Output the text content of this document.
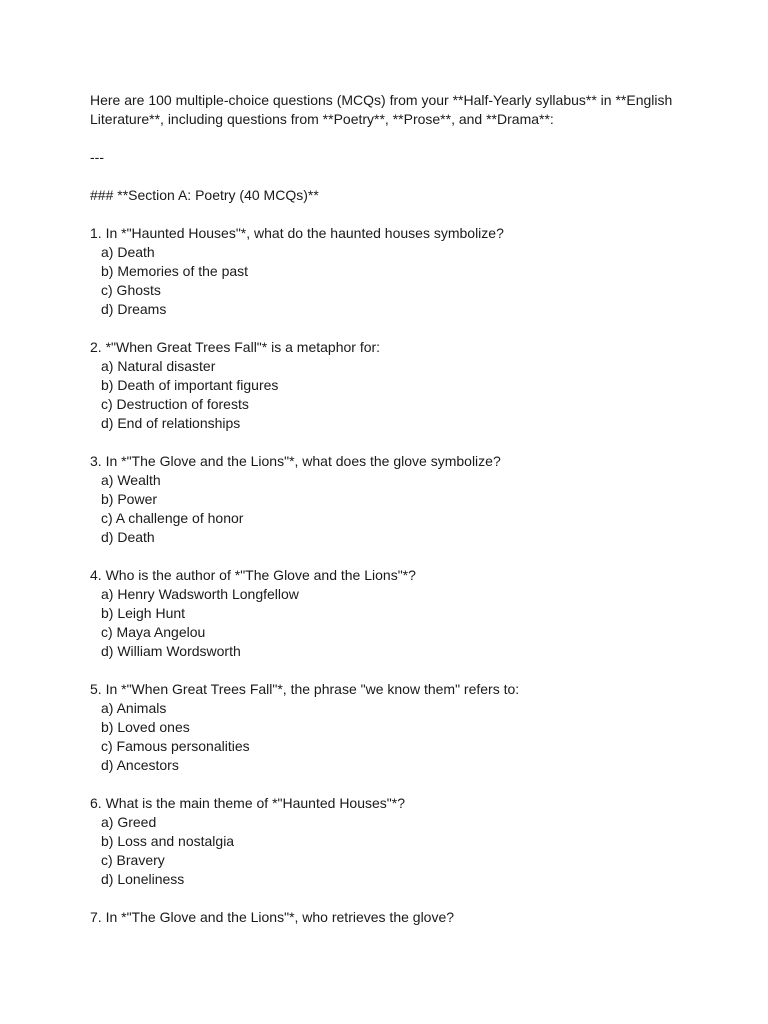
Here are 100 multiple-choice questions (MCQs) from your **Half-Yearly syllabus** in **English

Literature**, including questions from **Poetry**, **Prose**, and **Drama**:

---

### **Section A: Poetry (40 MCQs)**

1. In *"Haunted Houses"*, what do the haunted houses symbolize?

a) Death

b) Memories of the past

c) Ghosts

d) Dreams

2. *"When Great Trees Fall"* is a metaphor for:

a) Natural disaster

b) Death of important figures

c) Destruction of forests

d) End of relationships

3. In *"The Glove and the Lions"*, what does the glove symbolize?

a) Wealth

b) Power

c) A challenge of honor

d) Death

4. Who is the author of *"The Glove and the Lions"*?

a) Henry Wadsworth Longfellow

b) Leigh Hunt

c) Maya Angelou

d) William Wordsworth

5. In *"When Great Trees Fall"*, the phrase "we know them" refers to:

a) Animals

b) Loved ones

c) Famous personalities

d) Ancestors

6. What is the main theme of *"Haunted Houses"*?

a) Greed

b) Loss and nostalgia

c) Bravery

d) Loneliness

7. In *"The Glove and the Lions"*, who retrieves the glove?
